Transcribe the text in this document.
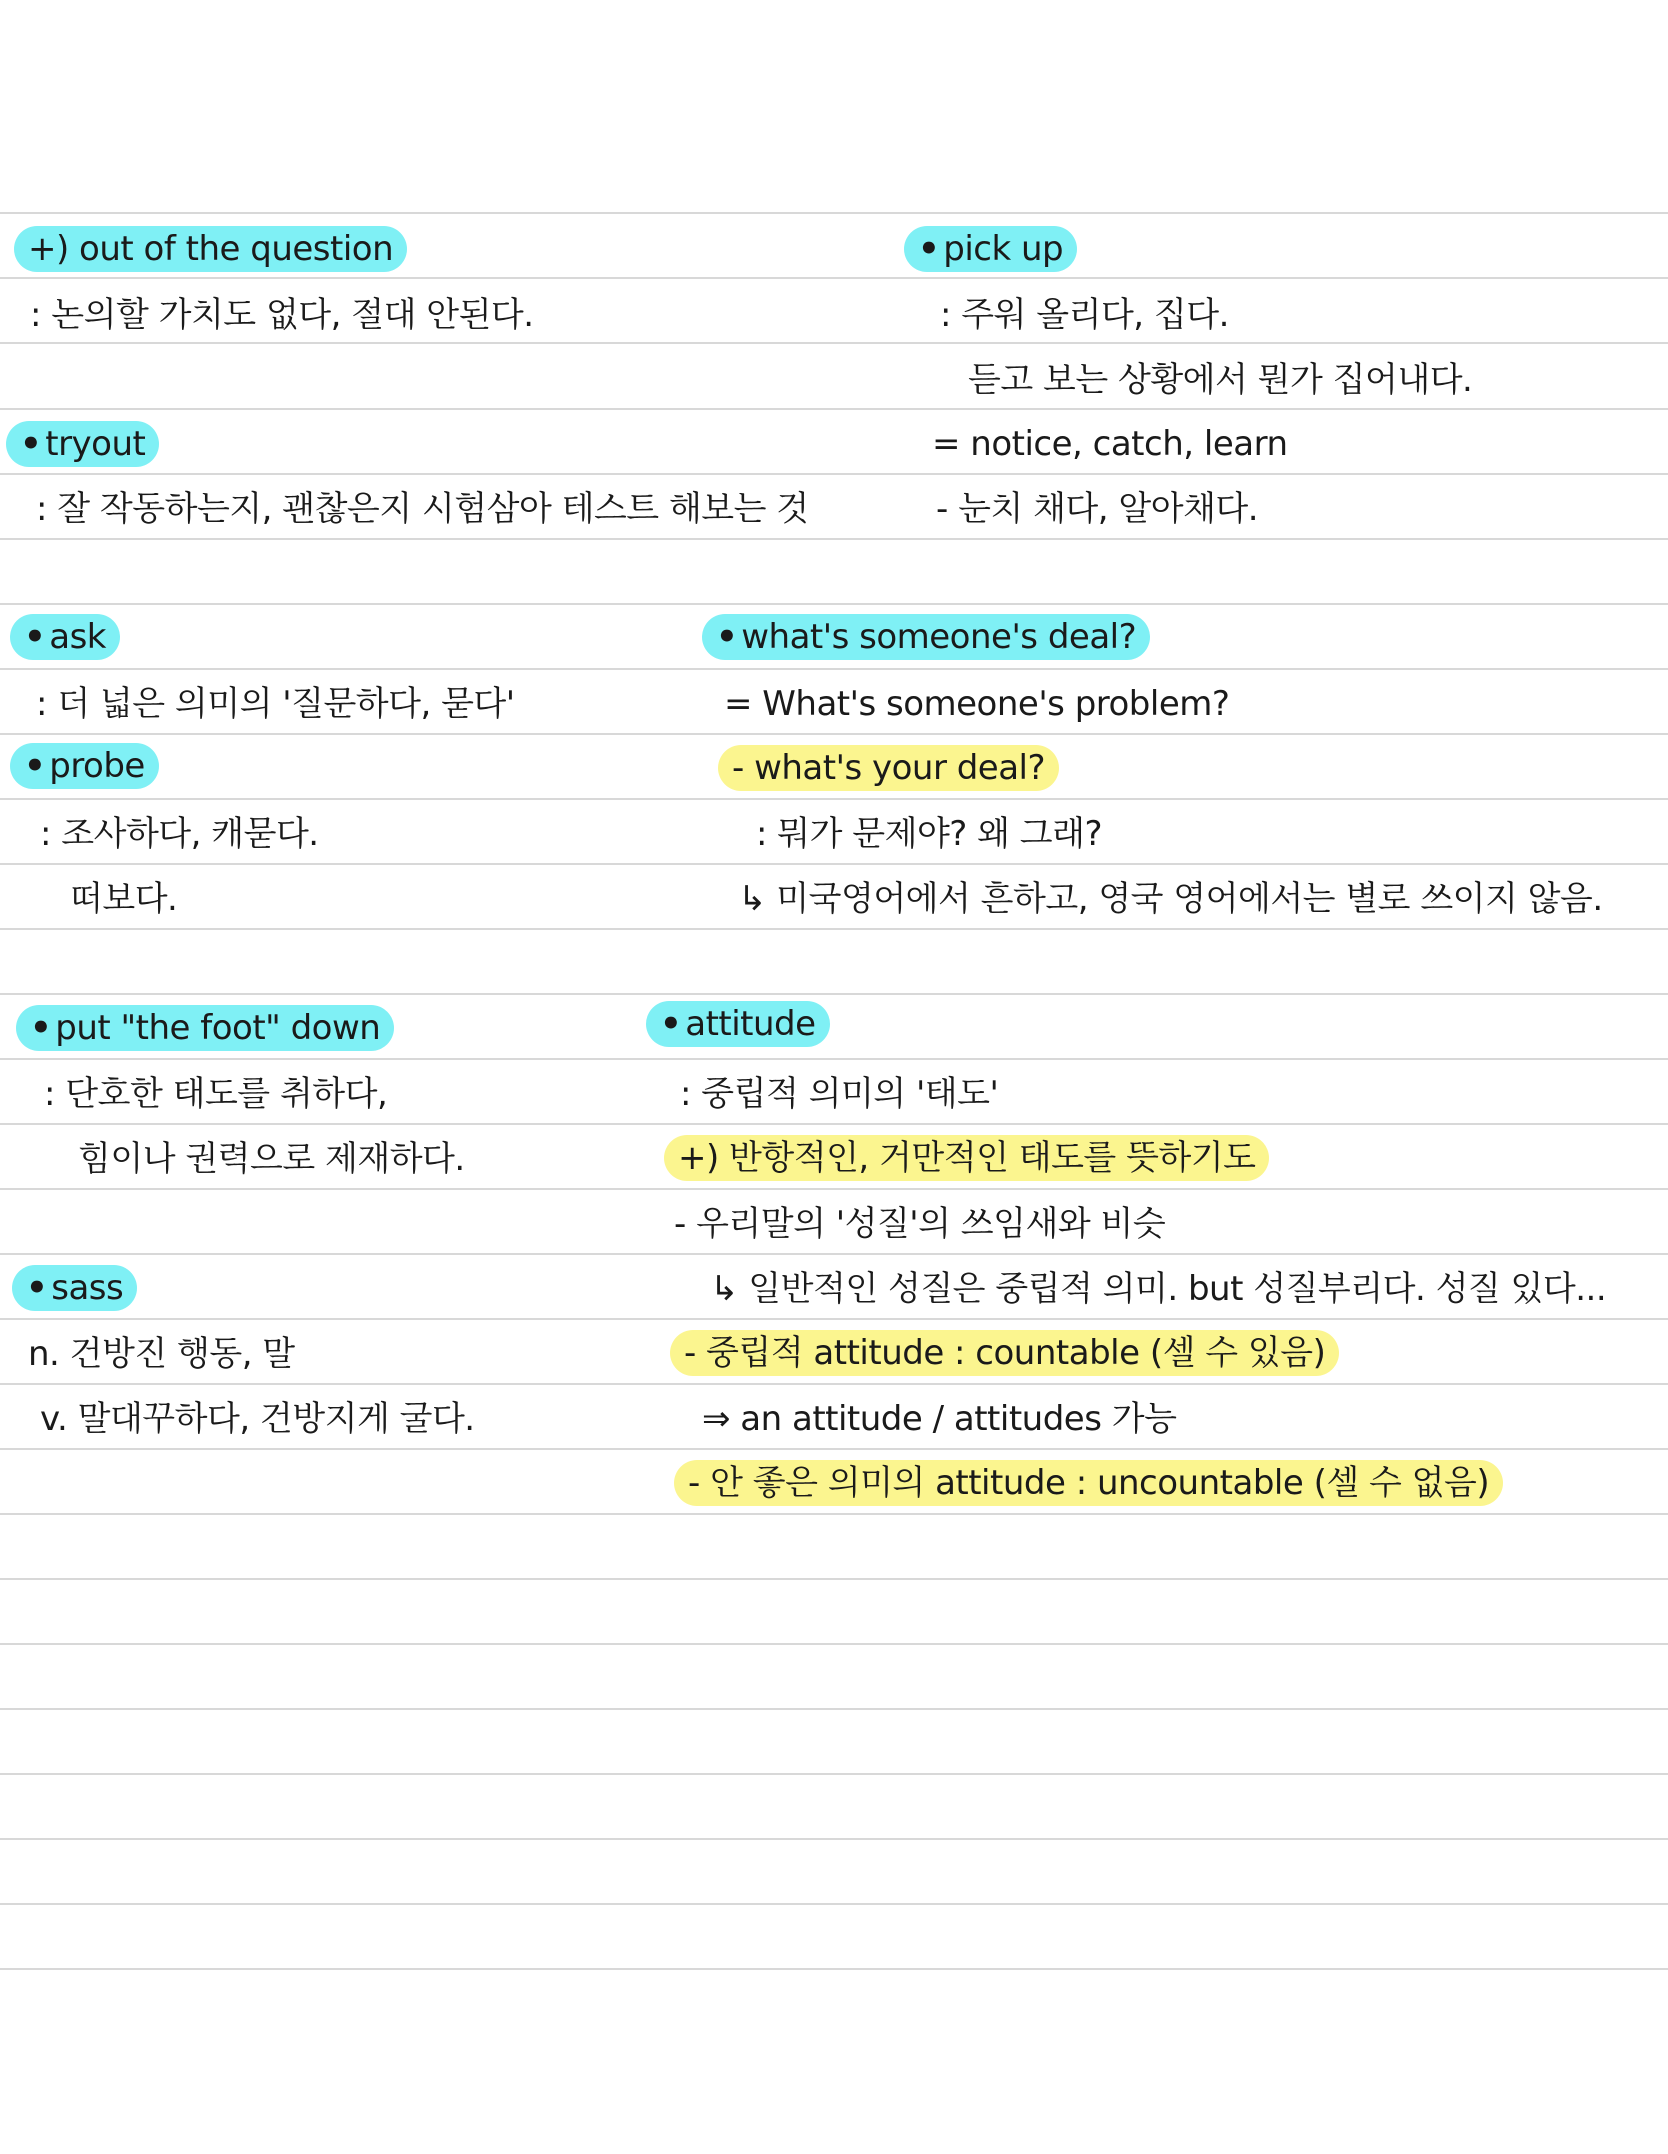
+) out of the question
: 논의할 가치도 없다, 절대 안된다.
• tryout
: 잘 작동하는지, 괜찮은지 시험삼아 테스트 해보는 것
• ask
: 더 넓은 의미의 '질문하다, 묻다'
• probe
: 조사하다, 캐묻다.
떠보다.
• put "the foot" down
: 단호한 태도를 취하다,
힘이나 권력으로 제재하다.
• sass
n. 건방진 행동, 말
v. 말대꾸하다, 건방지게 굴다.
• pick up
: 주워 올리다, 집다.
듣고 보는 상황에서 뭔가 집어내다.
= notice, catch, learn
- 눈치 채다, 알아채다.
• what's someone's deal?
= What's someone's problem?
- what's your deal?
: 뭐가 문제야? 왜 그래?
↳ 미국영어에서 흔하고, 영국 영어에서는 별로 쓰이지 않음.
• attitude
: 중립적 의미의 '태도'
+) 반항적인, 거만적인 태도를 뜻하기도
- 우리말의 '성질'의 쓰임새와 비슷
↳ 일반적인 성질은 중립적 의미. but 성질부리다. 성질 있다...
- 중립적 attitude : countable (셀 수 있음)
⇒ an attitude / attitudes 가능
- 안 좋은 의미의 attitude : uncountable (셀 수 없음)
